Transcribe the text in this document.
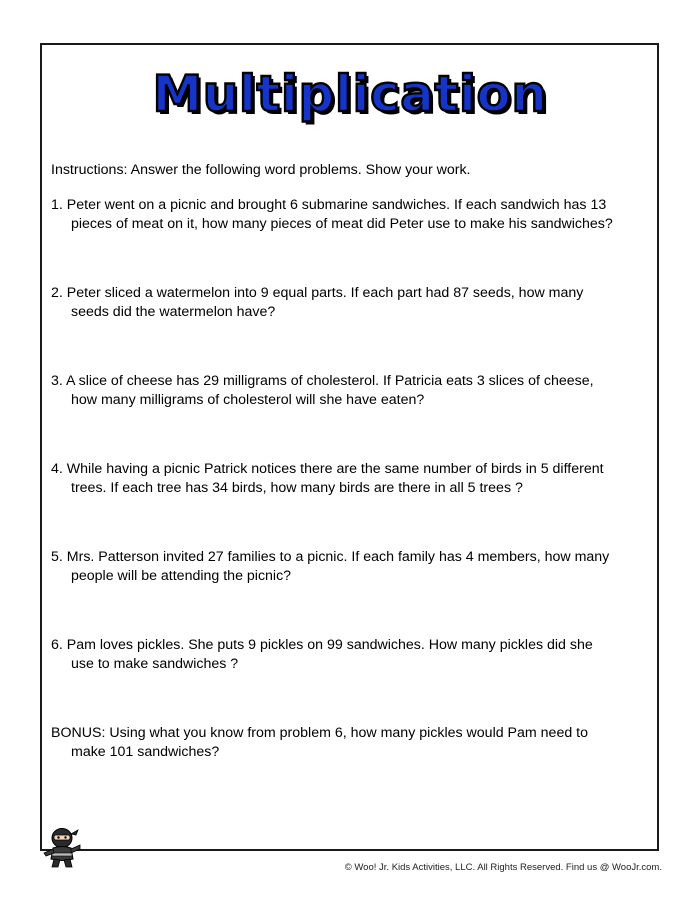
Multiplication
Instructions: Answer the following word problems. Show your work.
1. Peter went on a picnic and brought 6 submarine sandwiches. If each sandwich has 13
pieces of meat on it, how many pieces of meat did Peter use to make his sandwiches?
2. Peter sliced a watermelon into 9 equal parts. If each part had 87 seeds, how many
seeds did the watermelon have?
3. A slice of cheese has 29 milligrams of cholesterol. If Patricia eats 3 slices of cheese,
how many milligrams of cholesterol will she have eaten?
4. While having a picnic Patrick notices there are the same number of birds in 5 different
trees. If each tree has 34 birds, how many birds are there in all 5 trees ?
5. Mrs. Patterson invited 27 families to a picnic. If each family has 4 members, how many
people will be attending the picnic?
6. Pam loves pickles. She puts 9 pickles on 99 sandwiches. How many pickles did she
use to make sandwiches ?
BONUS: Using what you know from problem 6, how many pickles would Pam need to
make 101 sandwiches?
© Woo! Jr. Kids Activities, LLC. All Rights Reserved. Find us @ WooJr.com.
